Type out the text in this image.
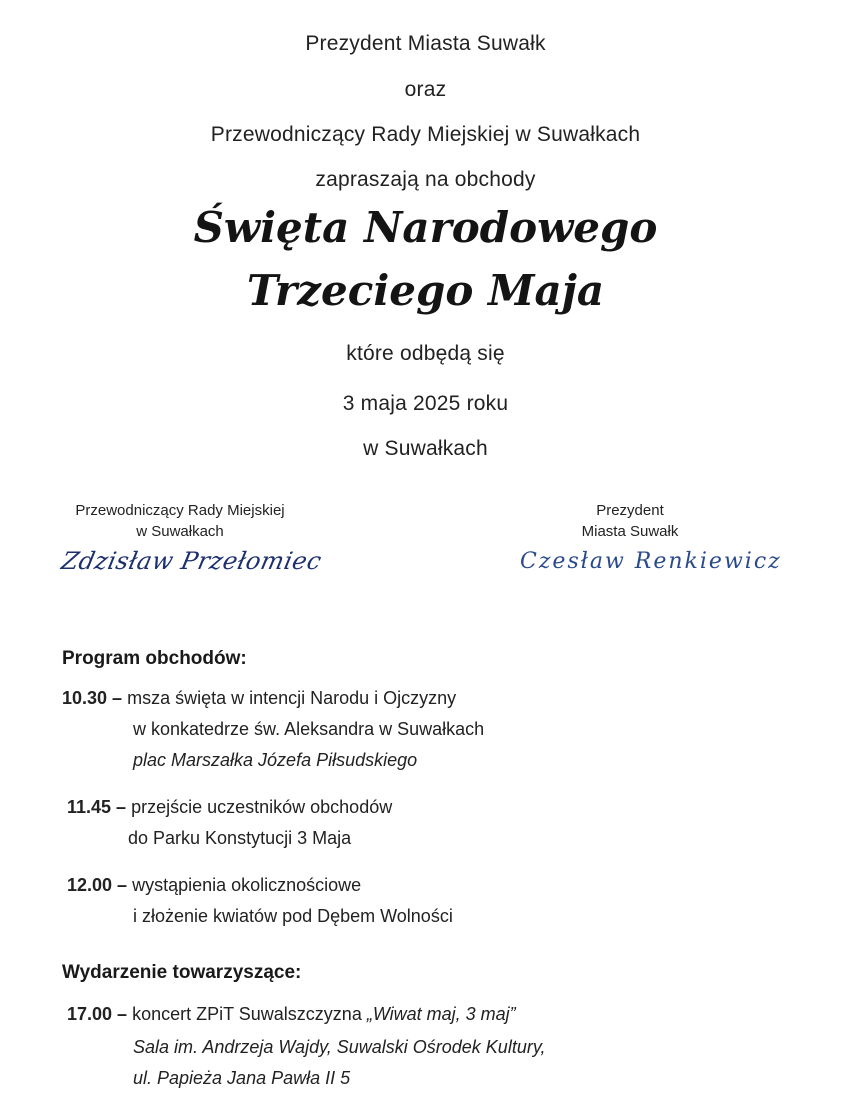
Prezydent Miasta Suwałk
oraz
Przewodniczący Rady Miejskiej w Suwałkach
zapraszają na obchody
Święta Narodowego
Trzeciego Maja
które odbędą się
3 maja 2025 roku
w Suwałkach
Przewodniczący Rady Miejskiej
w Suwałkach
Zdzisław Przełomiec
Prezydent
Miasta Suwałk
Czesław Renkiewicz
Program obchodów:
10.30 – msza święta w intencji Narodu i Ojczyzny
w konkatedrze św. Aleksandra w Suwałkach
plac Marszałka Józefa Piłsudskiego
11.45 – przejście uczestników obchodów
do Parku Konstytucji 3 Maja
12.00 – wystąpienia okolicznościowe
i złożenie kwiatów pod Dębem Wolności
Wydarzenie towarzyszące:
17.00 – koncert ZPiT Suwalszczyzna „Wiwat maj, 3 maj”
Sala im. Andrzeja Wajdy, Suwalski Ośrodek Kultury,
ul. Papieża Jana Pawła II 5
